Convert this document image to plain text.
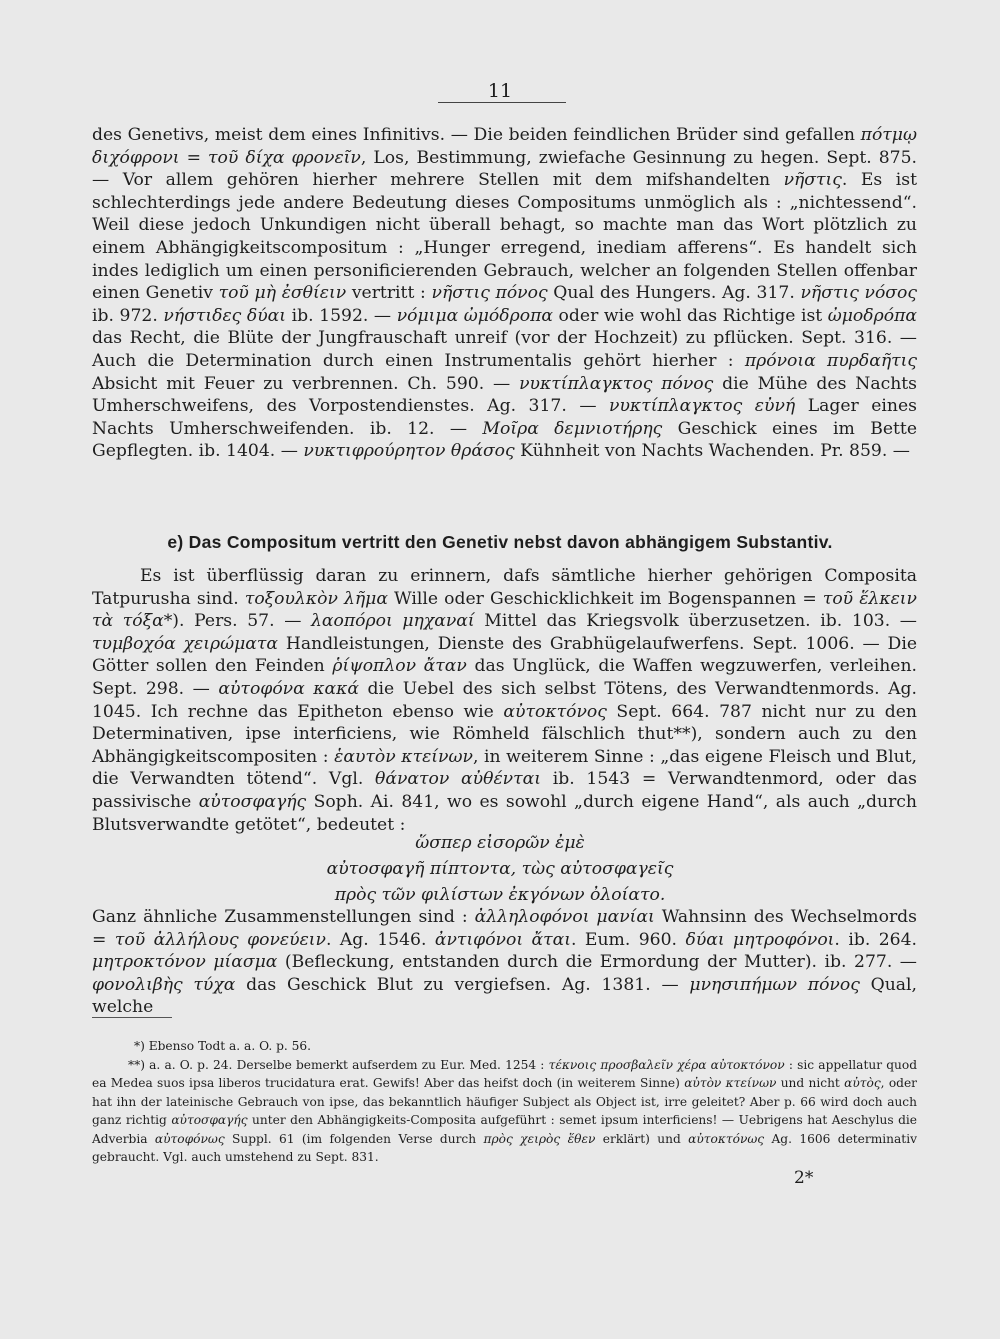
11

des Genetivs, meist dem eines Infinitivs. — Die beiden feindlichen Brüder sind gefallen πότμῳ διχόφρονι = τοῦ δίχα φρονεῖν, Los, Bestimmung, zwiefache Gesinnung zu hegen. Sept. 875. — Vor allem gehören hierher mehrere Stellen mit dem mifshandelten νῆστις. Es ist schlechterdings jede andere Bedeutung dieses Compositums unmöglich als : „nichtessend“. Weil diese jedoch Unkundigen nicht überall behagt, so machte man das Wort plötzlich zu einem Abhängigkeitscompositum : „Hunger erregend, inediam afferens“. Es handelt sich indes lediglich um einen personificierenden Gebrauch, welcher an folgenden Stellen offenbar einen Genetiv τοῦ μὴ ἐσθίειν vertritt : νῆστις πόνος Qual des Hungers. Ag. 317. νῆστις νόσος ib. 972. νήστιδες δύαι ib. 1592. — νόμιμα ὠμόδροπα oder wie wohl das Richtige ist ὠμοδρόπα das Recht, die Blüte der Jungfrauschaft unreif (vor der Hochzeit) zu pflücken. Sept. 316. — Auch die Determination durch einen Instrumentalis gehört hierher : πρόνοια πυρδαῆτις Absicht mit Feuer zu verbrennen. Ch. 590. — νυκτίπλαγκτος πόνος die Mühe des Nachts Umherschweifens, des Vorpostendienstes. Ag. 317. — νυκτίπλαγκτος εὐνή Lager eines Nachts Umherschweifenden. ib. 12. — Μοῖρα δεμνιοτήρης Geschick eines im Bette Gepflegten. ib. 1404. — νυκτιφρούρητον θράσος Kühnheit von Nachts Wachenden. Pr. 859. —

e) Das Compositum vertritt den Genetiv nebst davon abhängigem Substantiv.

Es ist überflüssig daran zu erinnern, dafs sämtliche hierher gehörigen Composita Tatpurusha sind. τοξουλκὸν λῆμα Wille oder Geschicklichkeit im Bogenspannen = τοῦ ἕλκειν τὰ τόξα*). Pers. 57. — λαοπόροι μηχαναί Mittel das Kriegsvolk überzusetzen. ib. 103. — τυμβοχόα χειρώματα Handleistungen, Dienste des Grabhügelaufwerfens. Sept. 1006. — Die Götter sollen den Feinden ῥίψοπλον ἄταν das Unglück, die Waffen wegzuwerfen, verleihen. Sept. 298. — αὐτοφόνα κακά die Uebel des sich selbst Tötens, des Verwandtenmords. Ag. 1045. Ich rechne das Epitheton ebenso wie αὐτοκτόνος Sept. 664. 787 nicht nur zu den Determinativen, ipse interficiens, wie Römheld fälschlich thut**), sondern auch zu den Abhängigkeitscompositen : ἑαυτὸν κτείνων, in weiterem Sinne : „das eigene Fleisch und Blut, die Verwandten tötend“. Vgl. θάνατον αὐθένται ib. 1543 = Verwandtenmord, oder das passivische αὐτοσφαγής Soph. Ai. 841, wo es sowohl „durch eigene Hand“, als auch „durch Blutsverwandte getötet“, bedeutet :

ὥσπερ εἰσορῶν ἐμὲ
αὐτοσφαγῆ πίπτοντα, τὼς αὐτοσφαγεῖς
πρὸς τῶν φιλίστων ἐκγόνων ὀλοίατο.

Ganz ähnliche Zusammenstellungen sind : ἀλληλοφόνοι μανίαι Wahnsinn des Wechselmords = τοῦ ἀλλήλους φονεύειν. Ag. 1546. ἀντιφόνοι ἄται. Eum. 960. δύαι μητροφόνοι. ib. 264. μητροκτόνον μίασμα (Befleckung, entstanden durch die Ermordung der Mutter). ib. 277. — φονολιβὴς τύχα das Geschick Blut zu vergiefsen. Ag. 1381. — μνησιπήμων πόνος Qual, welche

*) Ebenso Todt a. a. O. p. 56.

**) a. a. O. p. 24. Derselbe bemerkt aufserdem zu Eur. Med. 1254 : τέκνοις προσβαλεῖν χέρα αὐτοκτόνον : sic appellatur quod ea Medea suos ipsa liberos trucidatura erat. Gewifs! Aber das heifst doch (in weiterem Sinne) αὐτὸν κτείνων und nicht αὐτὸς, oder hat ihn der lateinische Gebrauch von ipse, das bekanntlich häufiger Subject als Object ist, irre geleitet? Aber p. 66 wird doch auch ganz richtig αὐτοσφαγής unter den Abhängigkeits-Composita aufgeführt : semet ipsum interficiens! — Uebrigens hat Aeschylus die Adverbia αὐτοφόνως Suppl. 61 (im folgenden Verse durch πρὸς χειρὸς ἕθεν erklärt) und αὐτοκτόνως Ag. 1606 determinativ gebraucht. Vgl. auch umstehend zu Sept. 831.

2*
